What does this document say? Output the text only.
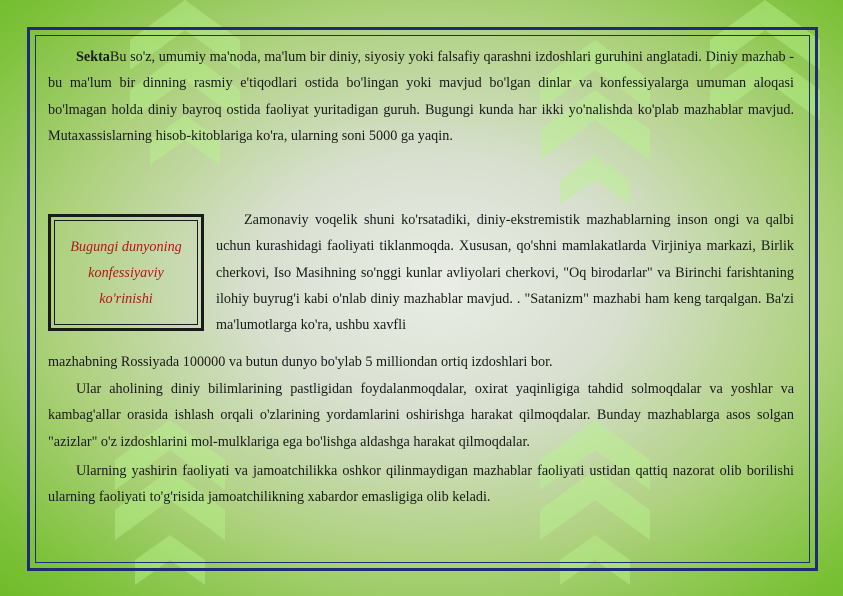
SektaBu so'z, umumiy ma'noda, ma'lum bir diniy, siyosiy yoki falsafiy qarashni izdoshlari guruhini anglatadi. Diniy mazhab - bu ma'lum bir dinning rasmiy e'tiqodlari ostida bo'lingan yoki mavjud bo'lgan dinlar va konfessiyalarga umuman aloqasi bo'lmagan holda diniy bayroq ostida faoliyat yuritadigan guruh. Bugungi kunda har ikki yo'nalishda ko'plab mazhablar mavjud. Mutaxassislarning hisob-kitoblariga ko'ra, ularning soni 5000 ga yaqin.

Bugungi dunyoning
konfessiyaviy
ko'rinishi

Zamonaviy voqelik shuni ko'rsatadiki, diniy-ekstremistik mazhablarning inson ongi va qalbi uchun kurashidagi faoliyati tiklanmoqda. Xususan, qo'shni mamlakatlarda Virjiniya markazi, Birlik cherkovi, Iso Masihning so'nggi kunlar avliyolari cherkovi, "Oq birodarlar" va Birinchi farishtaning ilohiy buyrug'i kabi o'nlab diniy mazhablar mavjud. . "Satanizm" mazhabi ham keng tarqalgan. Ba'zi ma'lumotlarga ko'ra, ushbu xavfli

mazhabning Rossiyada 100000 va butun dunyo bo'ylab 5 milliondan ortiq izdoshlari bor.

Ular aholining diniy bilimlarining pastligidan foydalanmoqdalar, oxirat yaqinligiga tahdid solmoqdalar va yoshlar va kambag'allar orasida ishlash orqali o'zlarining yordamlarini oshirishga harakat qilmoqdalar. Bunday mazhablarga asos solgan "azizlar" o'z izdoshlarini mol-mulklariga ega bo'lishga aldashga harakat qilmoqdalar.

Ularning yashirin faoliyati va jamoatchilikka oshkor qilinmaydigan mazhablar faoliyati ustidan qattiq nazorat olib borilishi ularning faoliyati to'g'risida jamoatchilikning xabardor emasligiga olib keladi.
